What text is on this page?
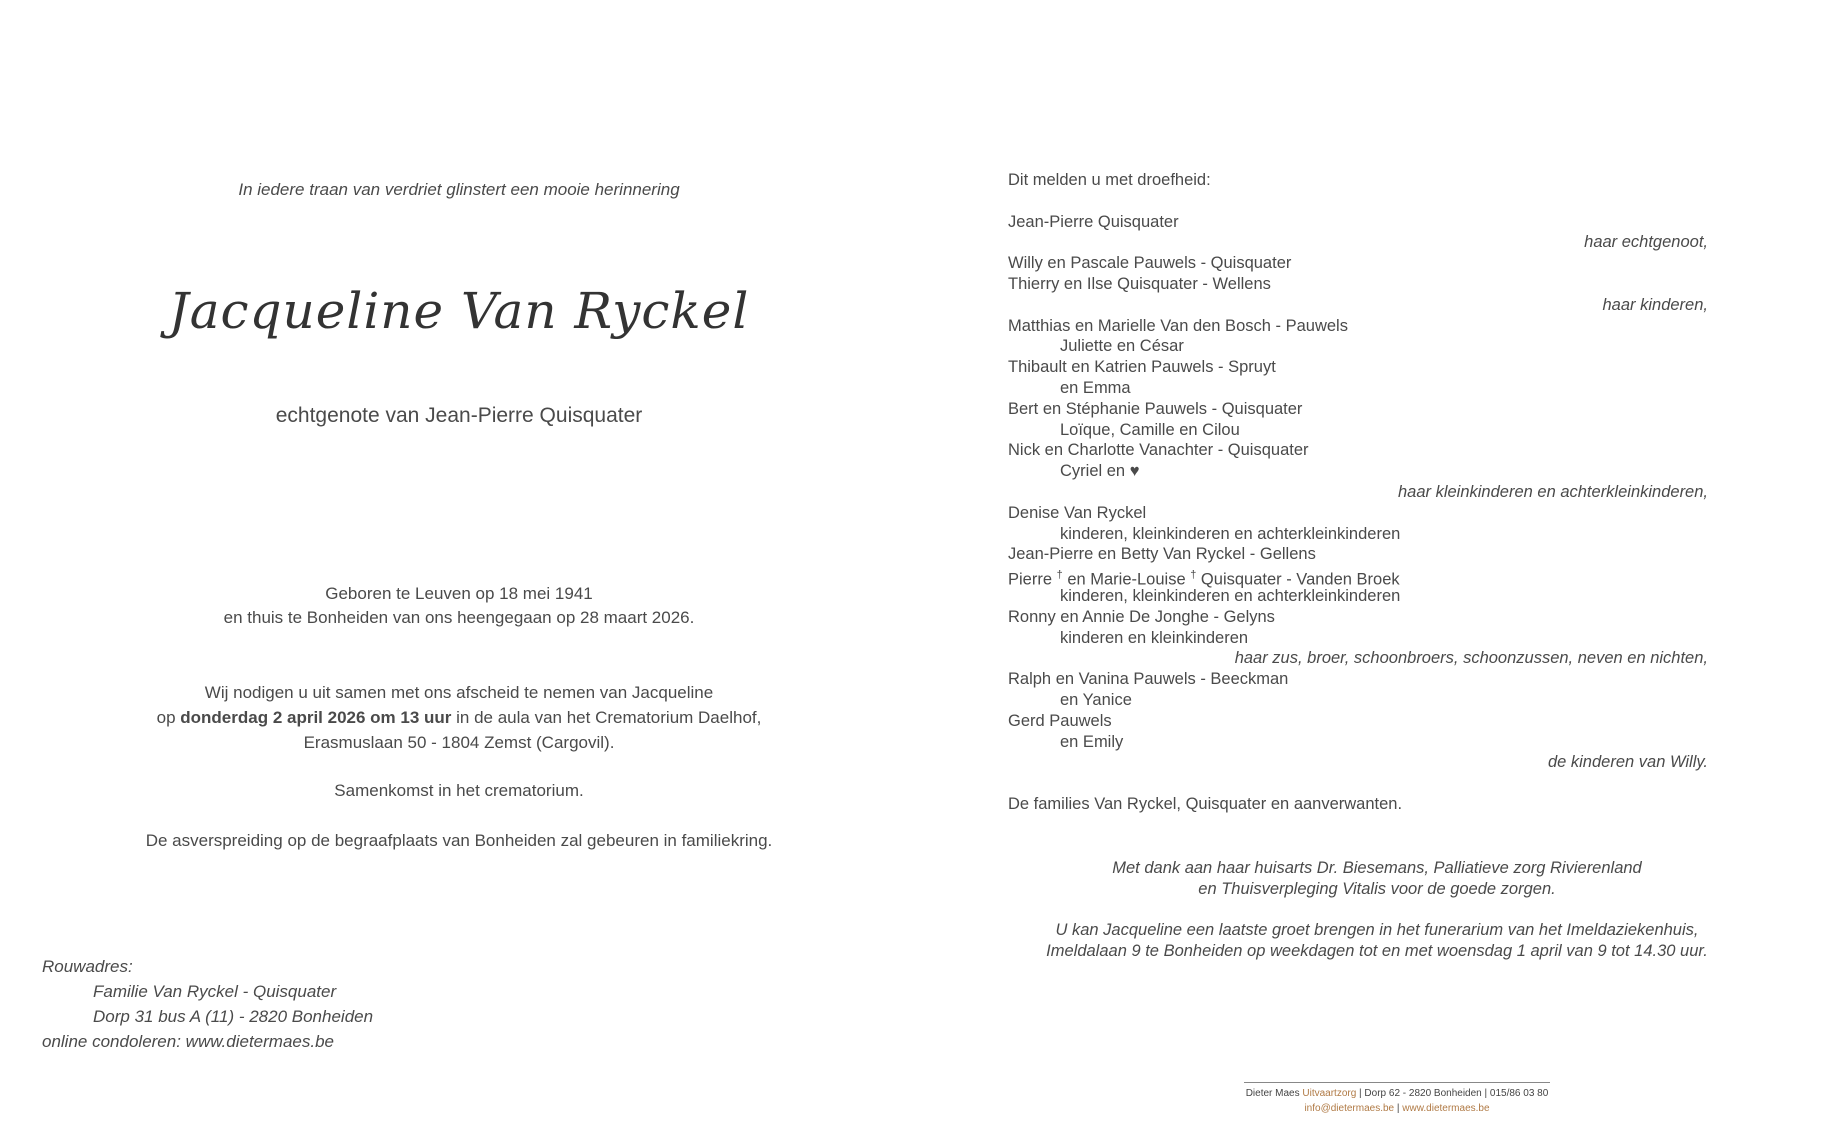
In iedere traan van verdriet glinstert een mooie herinnering
Jacqueline Van Ryckel
echtgenote van Jean-Pierre Quisquater
Geboren te Leuven op 18 mei 1941
en thuis te Bonheiden van ons heengegaan op 28 maart 2026.
Wij nodigen u uit samen met ons afscheid te nemen van Jacqueline
op donderdag 2 april 2026 om 13 uur in de aula van het Crematorium Daelhof,
Erasmuslaan 50 - 1804 Zemst (Cargovil).
Samenkomst in het crematorium.
De asverspreiding op de begraafplaats van Bonheiden zal gebeuren in familiekring.
Rouwadres:
Familie Van Ryckel - Quisquater
Dorp 31 bus A (11) - 2820 Bonheiden
online condoleren: www.dietermaes.be
Dit melden u met droefheid:
Jean-Pierre Quisquater
haar echtgenoot,
Willy en Pascale Pauwels - Quisquater
Thierry en Ilse Quisquater - Wellens
haar kinderen,
Matthias en Marielle Van den Bosch - Pauwels
Juliette en César
Thibault en Katrien Pauwels - Spruyt
en Emma
Bert en Stéphanie Pauwels - Quisquater
Loïque, Camille en Cilou
Nick en Charlotte Vanachter - Quisquater
Cyriel en ♥
haar kleinkinderen en achterkleinkinderen,
Denise Van Ryckel
kinderen, kleinkinderen en achterkleinkinderen
Jean-Pierre en Betty Van Ryckel - Gellens
Pierre † en Marie-Louise † Quisquater - Vanden Broek
kinderen, kleinkinderen en achterkleinkinderen
Ronny en Annie De Jonghe - Gelyns
kinderen en kleinkinderen
haar zus, broer, schoonbroers, schoonzussen, neven en nichten,
Ralph en Vanina Pauwels - Beeckman
en Yanice
Gerd Pauwels
en Emily
de kinderen van Willy.
De families Van Ryckel, Quisquater en aanverwanten.
Met dank aan haar huisarts Dr. Biesemans, Palliatieve zorg Rivierenland
en Thuisverpleging Vitalis voor de goede zorgen.
U kan Jacqueline een laatste groet brengen in het funerarium van het Imeldaziekenhuis,
Imeldalaan 9 te Bonheiden op weekdagen tot en met woensdag 1 april van 9 tot 14.30 uur.
Dieter Maes Uitvaartzorg | Dorp 62 - 2820 Bonheiden | 015/86 03 80
info@dietermaes.be | www.dietermaes.be
